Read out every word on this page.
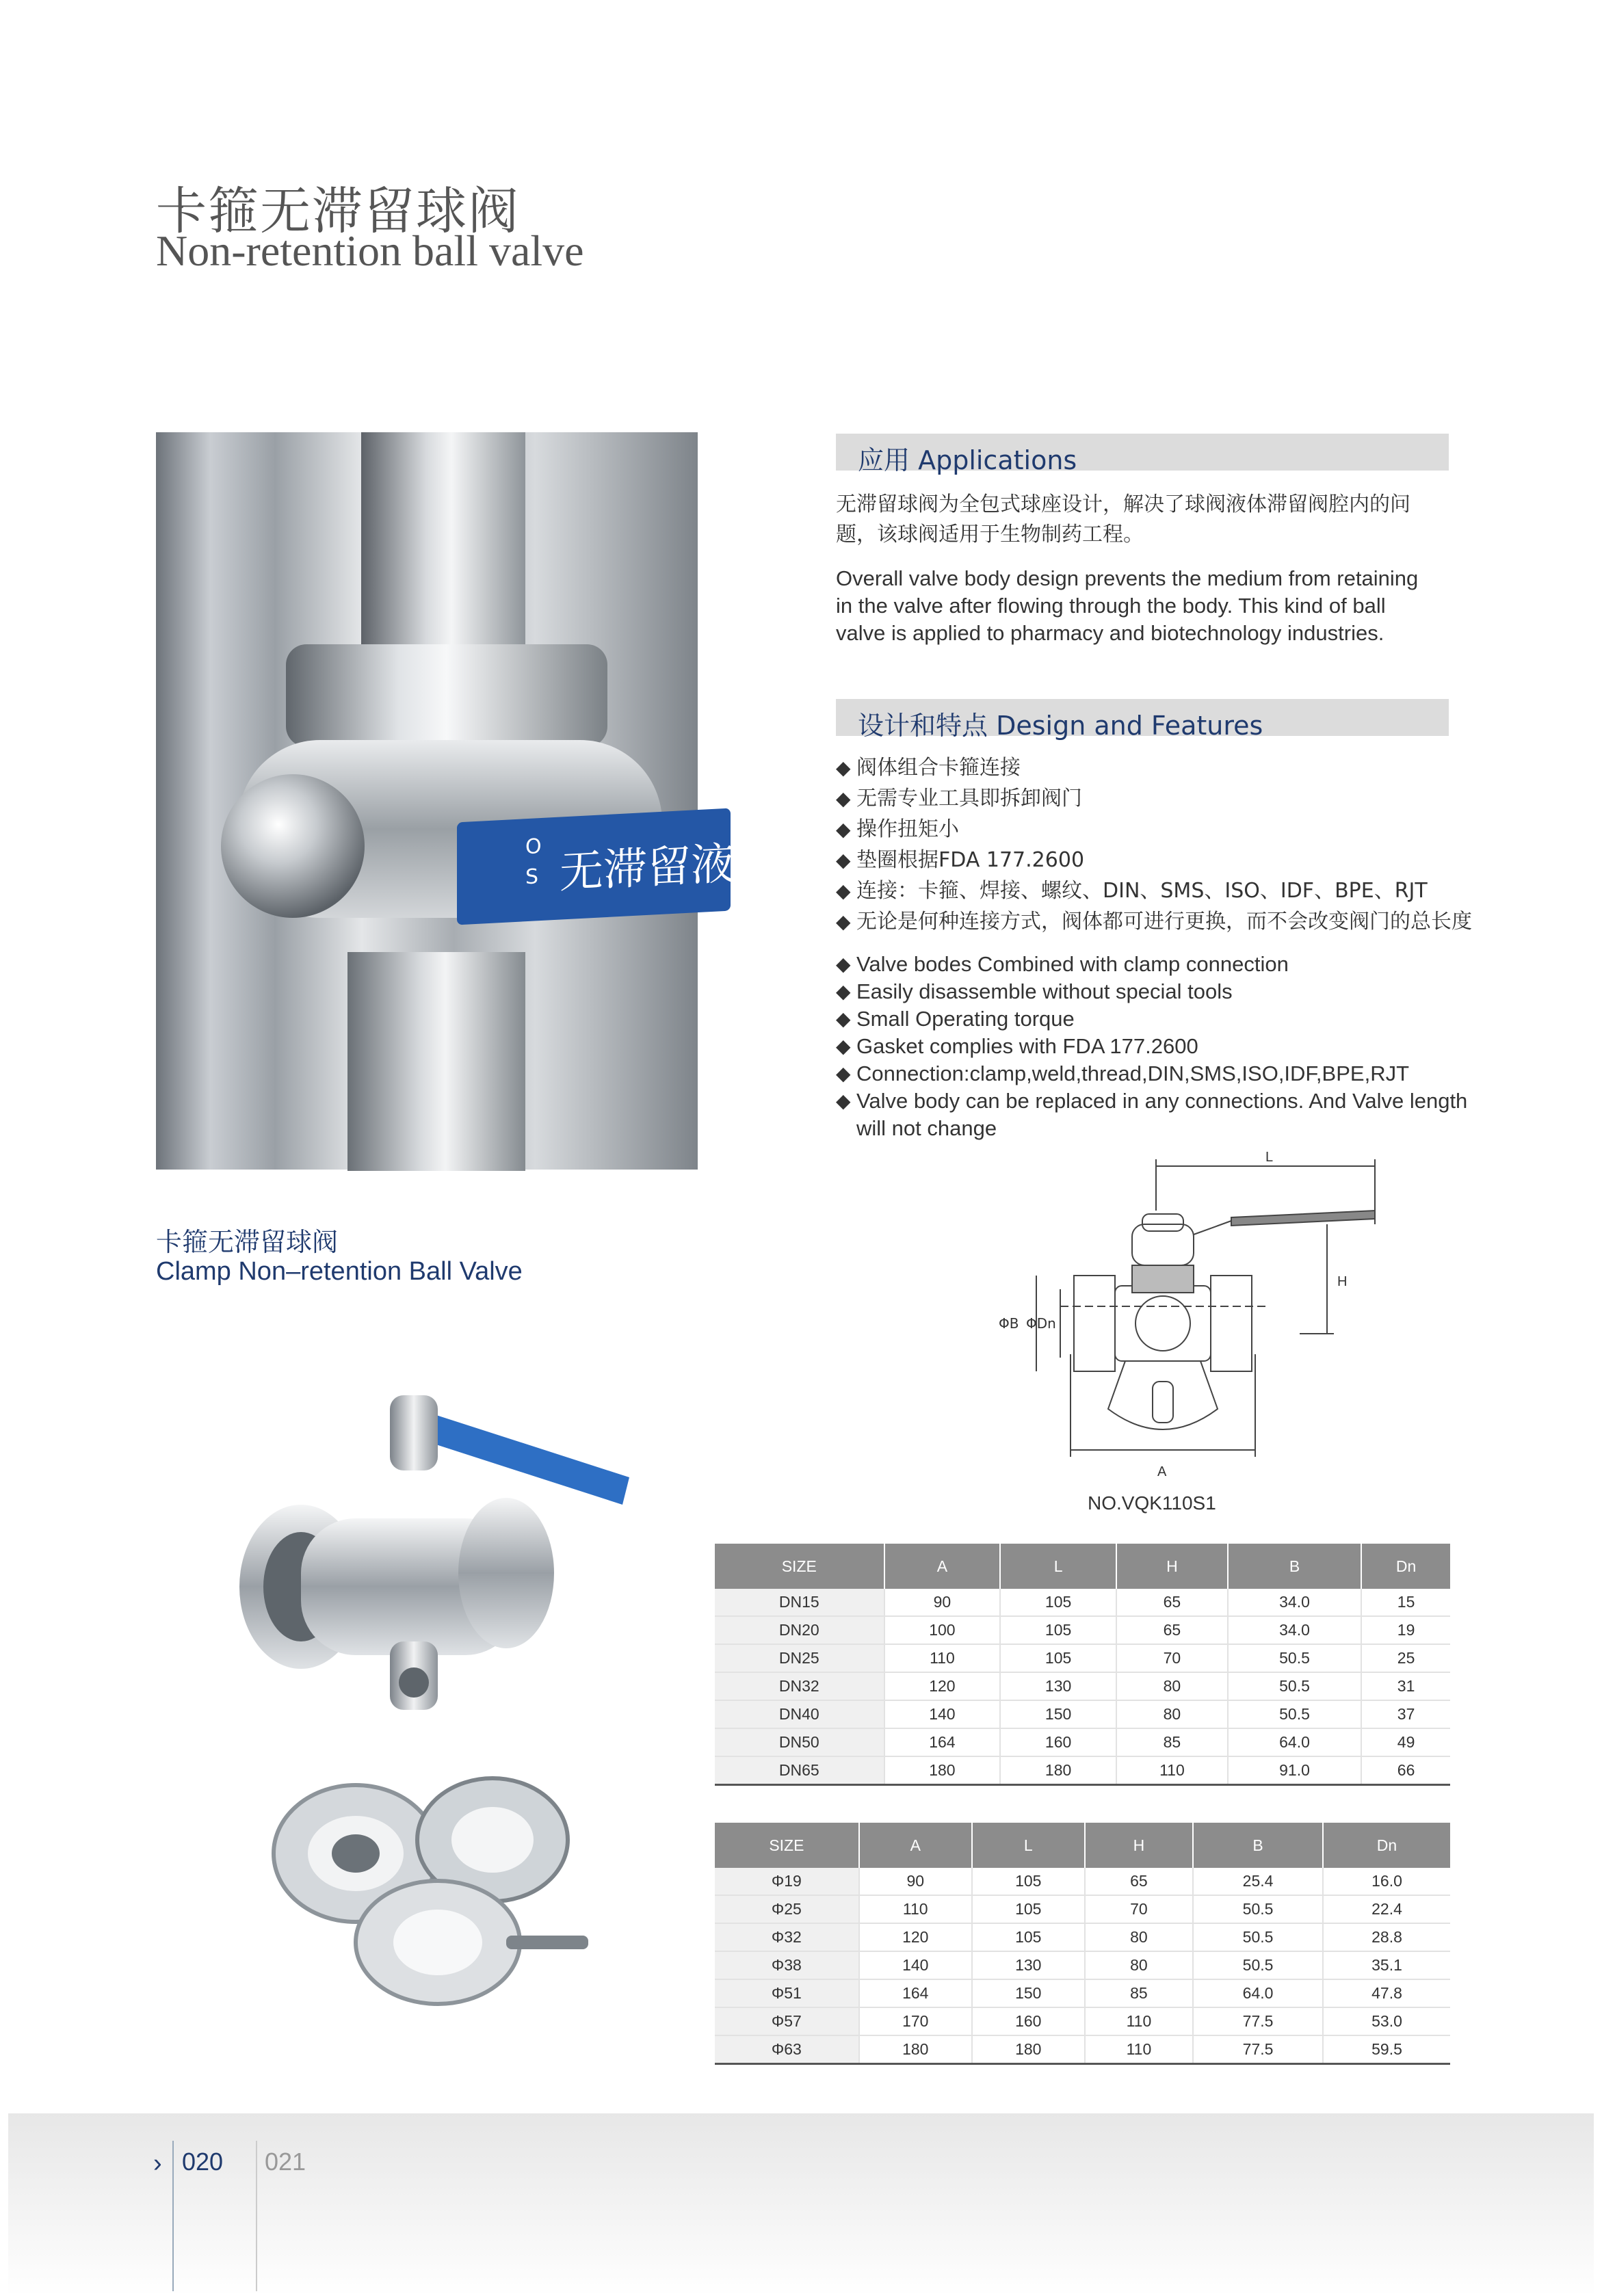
卡箍无滞留球阀
Non-retention ball valve
O
S 无滞留液
卡箍无滞留球阀
Clamp Non–retention Ball Valve
应用 Applications
无滞留球阀为全包式球座设计，解决了球阀液体滞留阀腔内的问题，该球阀适用于生物制药工程。
Overall valve body design prevents the medium from retaining in the valve after flowing through the body. This kind of ball valve is applied to pharmacy and biotechnology industries.
设计和特点 Design and Features
◆ 阀体组合卡箍连接
◆ 无需专业工具即拆卸阀门
◆ 操作扭矩小
◆ 垫圈根据FDA 177.2600
◆ 连接：卡箍、焊接、螺纹、DIN、SMS、ISO、IDF、BPE、RJT
◆ 无论是何种连接方式，阀体都可进行更换，而不会改变阀门的总长度
◆ Valve bodes Combined with clamp connection
◆ Easily disassemble without special tools
◆ Small Operating torque
◆ Gasket complies with FDA 177.2600
◆ Connection:clamp,weld,thread,DIN,SMS,ISO,IDF,BPE,RJT
◆ Valve body can be replaced in any connections. And Valve length will not change
L
H
A
ΦB ΦDn
NO.VQK110S1
SIZE	A	L	H	B	Dn
DN15	90	105	65	34.0	15
DN20	100	105	65	34.0	19
DN25	110	105	70	50.5	25
DN32	120	130	80	50.5	31
DN40	140	150	80	50.5	37
DN50	164	160	85	64.0	49
DN65	180	180	110	91.0	66
SIZE	A	L	H	B	Dn
Φ19	90	105	65	25.4	16.0
Φ25	110	105	70	50.5	22.4
Φ32	120	105	80	50.5	28.8
Φ38	140	130	80	50.5	35.1
Φ51	164	150	85	64.0	47.8
Φ57	170	160	110	77.5	53.0
Φ63	180	180	110	77.5	59.5
› 020 021
